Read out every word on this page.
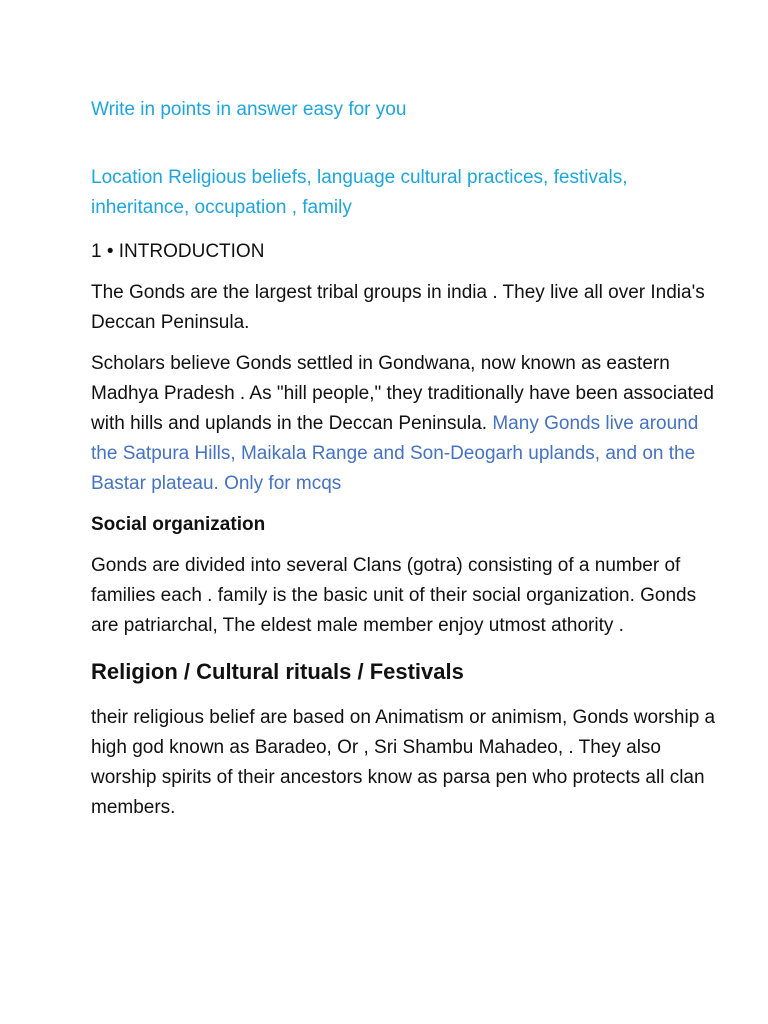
Write in points in answer easy for you

Location Religious beliefs, language cultural practices, festivals, inheritance, occupation , family

1 • INTRODUCTION

The Gonds are the largest tribal groups in india . They live all over India's Deccan Peninsula.

Scholars believe Gonds settled in Gondwana, now known as eastern Madhya Pradesh . As "hill people," they traditionally have been associated with hills and uplands in the Deccan Peninsula. Many Gonds live around the Satpura Hills, Maikala Range and Son-Deogarh uplands, and on the Bastar plateau. Only for mcqs

Social organization

Gonds are divided into several Clans (gotra) consisting of a number of families each . family is the basic unit of their social organization. Gonds are patriarchal, The eldest male member enjoy utmost athority .

Religion / Cultural rituals / Festivals

their religious belief are based on Animatism or animism, Gonds worship a high god known as Baradeo, Or , Sri Shambu Mahadeo, . They also worship spirits of their ancestors know as parsa pen who protects all clan members.
